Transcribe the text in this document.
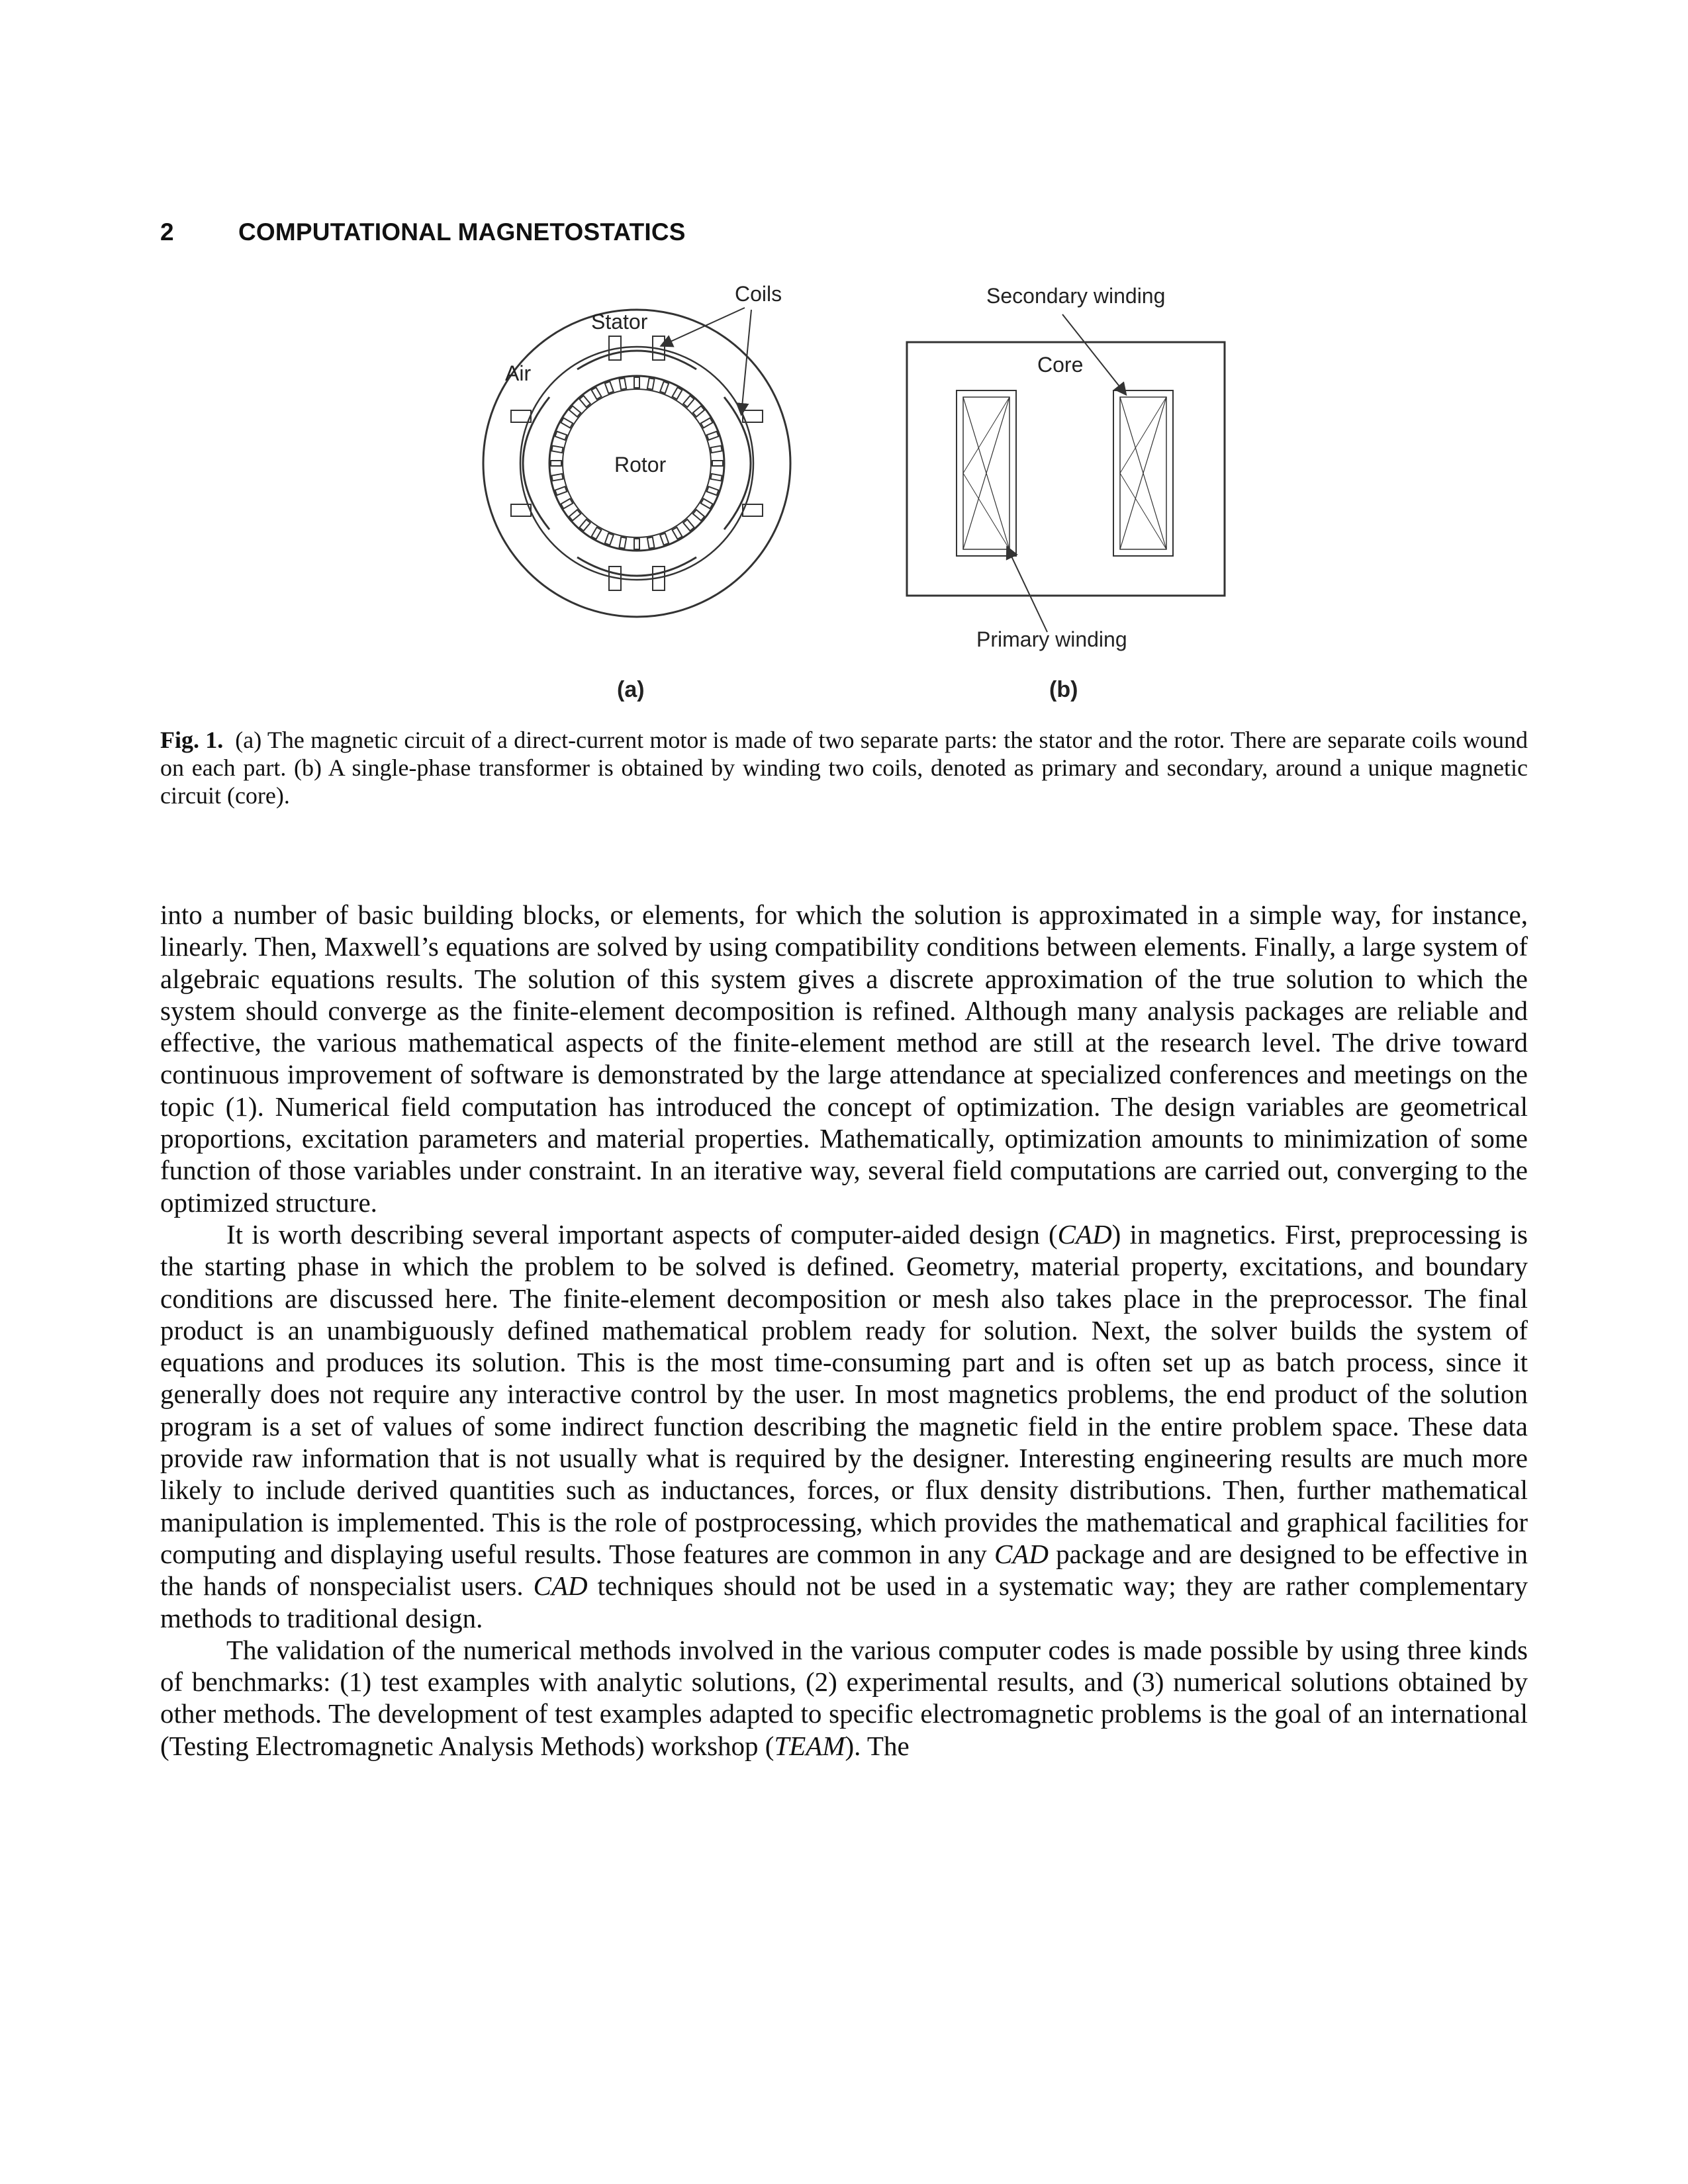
2	COMPUTATIONAL MAGNETOSTATICS
Coils
Stator
Air
Rotor
(a)
Secondary winding
Core
Primary winding
(b)
Fig. 1. (a) The magnetic circuit of a direct-current motor is made of two separate parts: the stator and the rotor. There are separate coils wound on each part. (b) A single-phase transformer is obtained by winding two coils, denoted as primary and secondary, around a unique magnetic circuit (core).

into a number of basic building blocks, or elements, for which the solution is approximated in a simple way, for instance, linearly. Then, Maxwell’s equations are solved by using compatibility conditions between elements. Finally, a large system of algebraic equations results. The solution of this system gives a discrete approximation of the true solution to which the system should converge as the finite-element decomposition is refined. Although many analysis packages are reliable and effective, the various mathematical aspects of the finite-element method are still at the research level. The drive toward continuous improvement of software is demonstrated by the large attendance at specialized conferences and meetings on the topic (1). Numerical field computation has introduced the concept of optimization. The design variables are geometrical proportions, excitation parameters and material properties. Mathematically, optimization amounts to minimization of some function of those variables under constraint. In an iterative way, several field computations are carried out, converging to the optimized structure.

It is worth describing several important aspects of computer-aided design (CAD) in magnetics. First, preprocessing is the starting phase in which the problem to be solved is defined. Geometry, material property, excitations, and boundary conditions are discussed here. The finite-element decomposition or mesh also takes place in the preprocessor. The final product is an unambiguously defined mathematical problem ready for solution. Next, the solver builds the system of equations and produces its solution. This is the most time-consuming part and is often set up as batch process, since it generally does not require any interactive control by the user. In most magnetics problems, the end product of the solution program is a set of values of some indirect function describing the magnetic field in the entire problem space. These data provide raw information that is not usually what is required by the designer. Interesting engineering results are much more likely to include derived quantities such as inductances, forces, or flux density distributions. Then, further mathematical manipulation is implemented. This is the role of postprocessing, which provides the mathematical and graphical facilities for computing and displaying useful results. Those features are common in any CAD package and are designed to be effective in the hands of nonspecialist users. CAD techniques should not be used in a systematic way; they are rather complementary methods to traditional design.

The validation of the numerical methods involved in the various computer codes is made possible by using three kinds of benchmarks: (1) test examples with analytic solutions, (2) experimental results, and (3) numerical solutions obtained by other methods. The development of test examples adapted to specific electromagnetic problems is the goal of an international (Testing Electromagnetic Analysis Methods) workshop (TEAM). The
